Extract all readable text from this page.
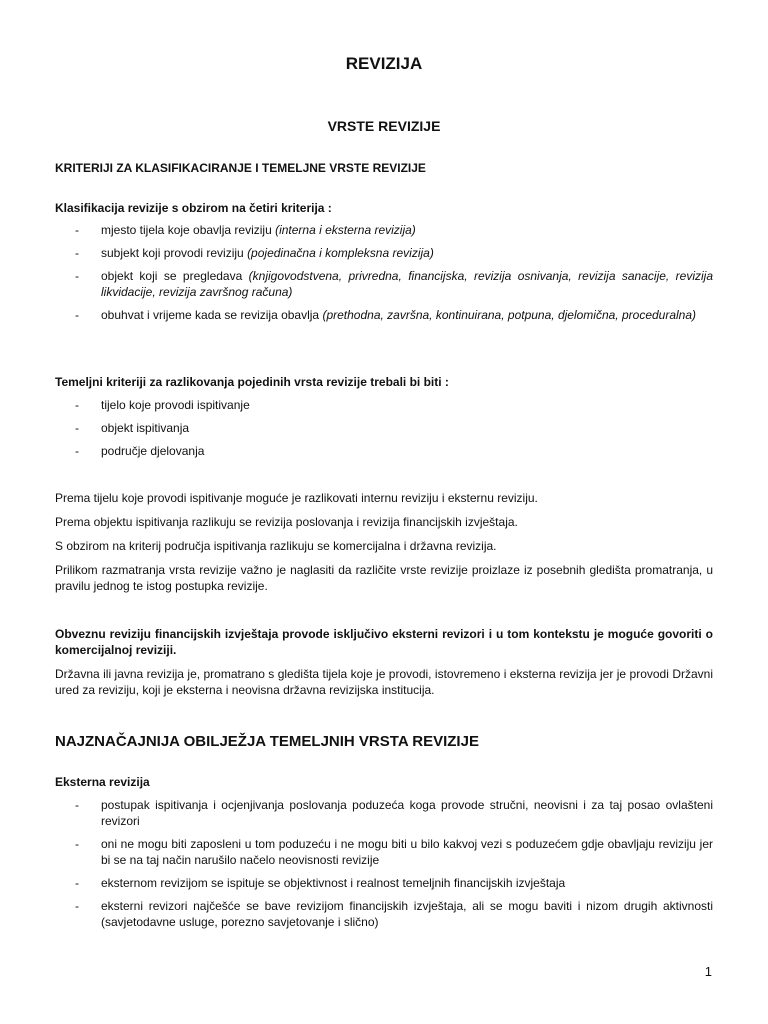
REVIZIJA
VRSTE REVIZIJE
KRITERIJI ZA KLASIFIKACIRANJE I TEMELJNE VRSTE REVIZIJE
Klasifikacija revizije s obzirom na četiri kriterija :
- mjesto tijela koje obavlja reviziju (interna i eksterna revizija)
- subjekt koji provodi reviziju (pojedinačna i kompleksna revizija)
- objekt koji se pregledava (knjigovodstvena, privredna, financijska, revizija osnivanja, revizija sanacije, revizija likvidacije, revizija završnog računa)
- obuhvat i vrijeme kada se revizija obavlja (prethodna, završna, kontinuirana, potpuna, djelomična, proceduralna)
Temeljni kriteriji za razlikovanja pojedinih vrsta revizije trebali bi biti :
- tijelo koje provodi ispitivanje
- objekt ispitivanja
- područje djelovanja
Prema tijelu koje provodi ispitivanje moguće je razlikovati internu reviziju i eksternu reviziju.
Prema objektu ispitivanja razlikuju se revizija poslovanja i revizija financijskih izvještaja.
S obzirom na kriterij područja ispitivanja razlikuju se komercijalna i državna revizija.
Prilikom razmatranja vrsta revizije važno je naglasiti da različite vrste revizije proizlaze iz posebnih gledišta promatranja, u pravilu jednog te istog postupka revizije.
Obveznu reviziju financijskih izvještaja provode isključivo eksterni revizori i u tom kontekstu je moguće govoriti o komercijalnoj reviziji.
Državna ili javna revizija je, promatrano s gledišta tijela koje je provodi, istovremeno i eksterna revizija jer je provodi Državni ured za reviziju, koji je eksterna i neovisna državna revizijska institucija.
NAJZNAČAJNIJA OBILJEŽJA TEMELJNIH VRSTA REVIZIJE
Eksterna revizija
- postupak ispitivanja i ocjenjivanja poslovanja poduzeća koga provode stručni, neovisni i za taj posao ovlašteni revizori
- oni ne mogu biti zaposleni u tom poduzeću i ne mogu biti u bilo kakvoj vezi s poduzećem gdje obavljaju reviziju jer bi se na taj način narušilo načelo neovisnosti revizije
- eksternom revizijom se ispituje se objektivnost i realnost temeljnih financijskih izvještaja
- eksterni revizori najčešće se bave revizijom financijskih izvještaja, ali se mogu baviti i nizom drugih aktivnosti (savjetodavne usluge, porezno savjetovanje i slično)
1
